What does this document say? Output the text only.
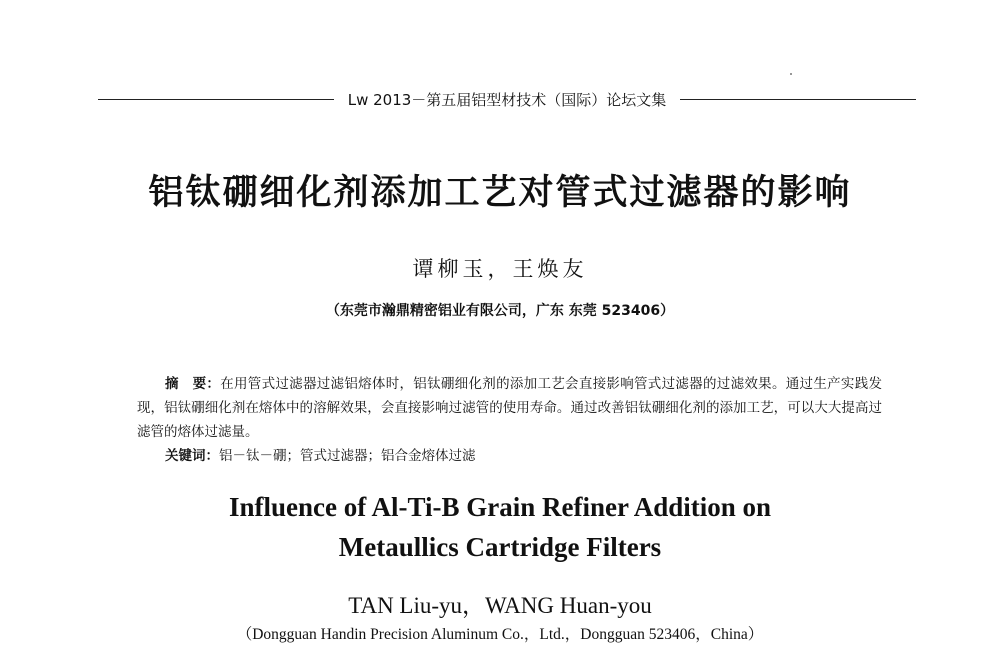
Lw 2013－第五届铝型材技术（国际）论坛文集
铝钛硼细化剂添加工艺对管式过滤器的影响
谭柳玉，王焕友
（东莞市瀚鼎精密铝业有限公司，广东 东莞 523406）
摘　要：在用管式过滤器过滤铝熔体时，铝钛硼细化剂的添加工艺会直接影响管式过滤器的过滤效果。通过生产实践发现，铝钛硼细化剂在熔体中的溶解效果，会直接影响过滤管的使用寿命。通过改善铝钛硼细化剂的添加工艺，可以大大提高过滤管的熔体过滤量。
关键词：铝－钛－硼；管式过滤器；铝合金熔体过滤
Influence of Al-Ti-B Grain Refiner Addition on
Metaullics Cartridge Filters
TAN Liu-yu，WANG Huan-you
（Dongguan Handin Precision Aluminum Co.，Ltd.，Dongguan 523406，China）
